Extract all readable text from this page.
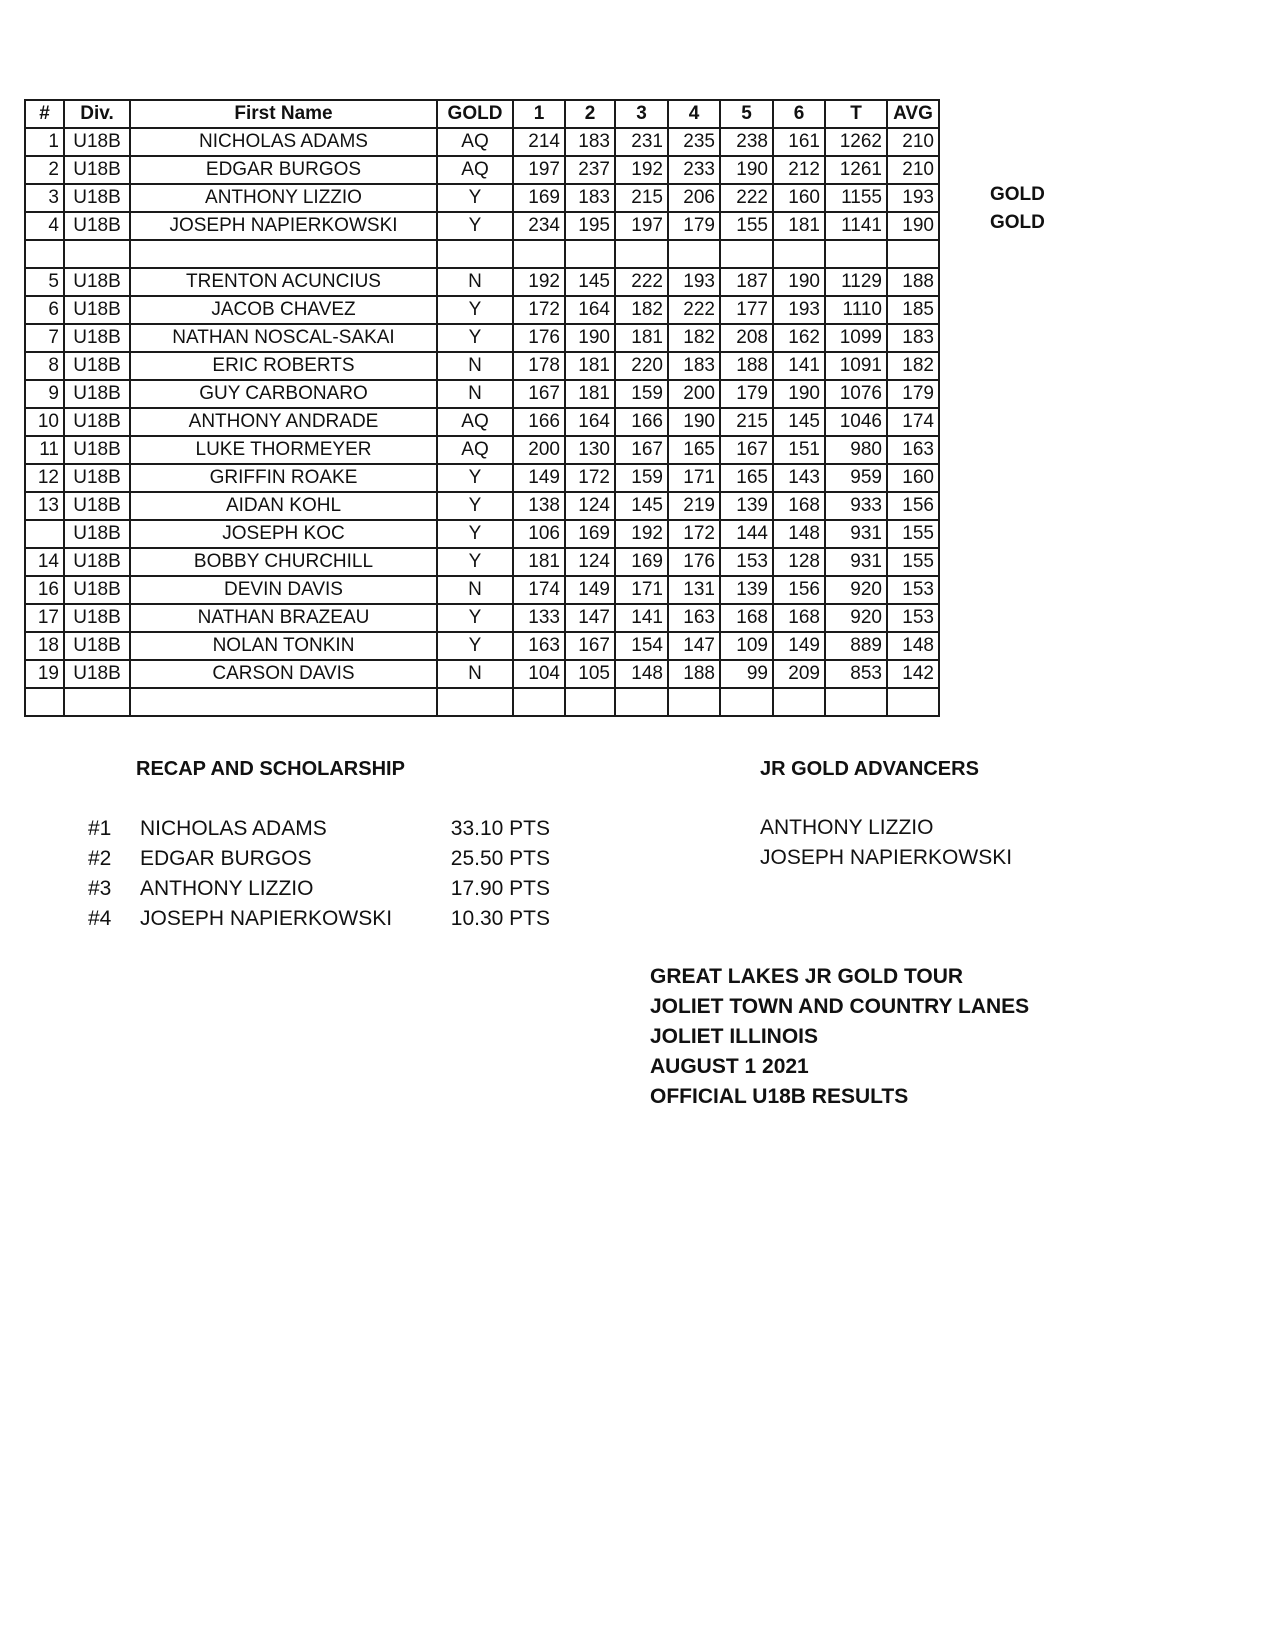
#	Div.	First Name	GOLD	1	2	3	4	5	6	T	AVG
1	U18B	NICHOLAS ADAMS	AQ	214	183	231	235	238	161	1262	210
2	U18B	EDGAR BURGOS	AQ	197	237	192	233	190	212	1261	210
3	U18B	ANTHONY LIZZIO	Y	169	183	215	206	222	160	1155	193
4	U18B	JOSEPH NAPIERKOWSKI	Y	234	195	197	179	155	181	1141	190

5	U18B	TRENTON ACUNCIUS	N	192	145	222	193	187	190	1129	188
6	U18B	JACOB CHAVEZ	Y	172	164	182	222	177	193	1110	185
7	U18B	NATHAN NOSCAL-SAKAI	Y	176	190	181	182	208	162	1099	183
8	U18B	ERIC ROBERTS	N	178	181	220	183	188	141	1091	182
9	U18B	GUY CARBONARO	N	167	181	159	200	179	190	1076	179
10	U18B	ANTHONY ANDRADE	AQ	166	164	166	190	215	145	1046	174
11	U18B	LUKE THORMEYER	AQ	200	130	167	165	167	151	980	163
12	U18B	GRIFFIN ROAKE	Y	149	172	159	171	165	143	959	160
13	U18B	AIDAN KOHL	Y	138	124	145	219	139	168	933	156
	U18B	JOSEPH KOC	Y	106	169	192	172	144	148	931	155
14	U18B	BOBBY CHURCHILL	Y	181	124	169	176	153	128	931	155
16	U18B	DEVIN DAVIS	N	174	149	171	131	139	156	920	153
17	U18B	NATHAN BRAZEAU	Y	133	147	141	163	168	168	920	153
18	U18B	NOLAN TONKIN	Y	163	167	154	147	109	149	889	148
19	U18B	CARSON DAVIS	N	104	105	148	188	99	209	853	142

GOLD
GOLD
RECAP AND SCHOLARSHIP
#1 NICHOLAS ADAMS	33.10 PTS
#2 EDGAR BURGOS	25.50 PTS
#3 ANTHONY LIZZIO	17.90 PTS
#4 JOSEPH NAPIERKOWSKI	10.30 PTS
JR GOLD ADVANCERS
ANTHONY LIZZIO
JOSEPH NAPIERKOWSKI
GREAT LAKES JR GOLD TOUR
JOLIET TOWN AND COUNTRY LANES
JOLIET ILLINOIS
AUGUST 1 2021
OFFICIAL U18B RESULTS
